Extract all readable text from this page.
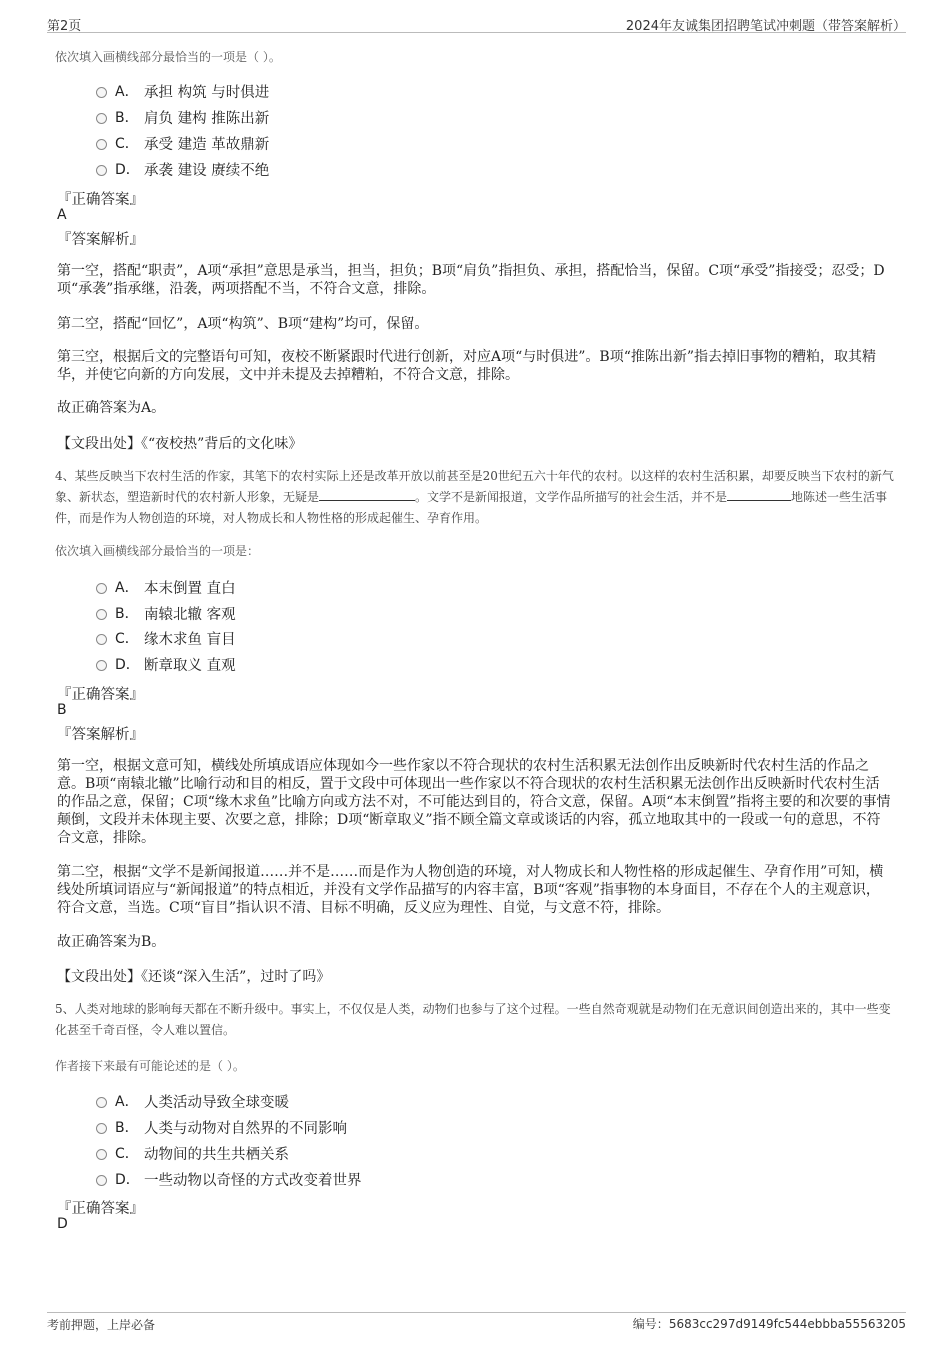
第2页	2024年友诚集团招聘笔试冲刺题（带答案解析）
依次填入画横线部分最恰当的一项是（ ）。
A． 承担 构筑 与时俱进
B． 肩负 建构 推陈出新
C． 承受 建造 革故鼎新
D． 承袭 建设 赓续不绝
『正确答案』
A
『答案解析』
第一空，搭配“职责”，A项“承担”意思是承当，担当，担负；B项“肩负”指担负、承担，搭配恰当，保留。C项“承受”指接受；忍受；D项“承袭”指承继，沿袭，两项搭配不当，不符合文意，排除。
第二空，搭配“回忆”，A项“构筑”、B项“建构”均可，保留。
第三空，根据后文的完整语句可知，夜校不断紧跟时代进行创新，对应A项“与时俱进”。B项“推陈出新”指去掉旧事物的糟粕，取其精华，并使它向新的方向发展，文中并未提及去掉糟粕，不符合文意，排除。
故正确答案为A。
【文段出处】《“夜校热”背后的文化味》
4、某些反映当下农村生活的作家，其笔下的农村实际上还是改革开放以前甚至是20世纪五六十年代的农村。以这样的农村生活积累，却要反映当下农村的新气象、新状态，塑造新时代的农村新人形象，无疑是	。文学不是新闻报道，文学作品所描写的社会生活，并不是	地陈述一些生活事件，而是作为人物创造的环境，对人物成长和人物性格的形成起催生、孕育作用。
依次填入画横线部分最恰当的一项是：
A． 本末倒置 直白
B． 南辕北辙 客观
C． 缘木求鱼 盲目
D． 断章取义 直观
『正确答案』
B
『答案解析』
第一空，根据文意可知，横线处所填成语应体现如今一些作家以不符合现状的农村生活积累无法创作出反映新时代农村生活的作品之意。B项“南辕北辙”比喻行动和目的相反，置于文段中可体现出一些作家以不符合现状的农村生活积累无法创作出反映新时代农村生活的作品之意，保留；C项“缘木求鱼”比喻方向或方法不对，不可能达到目的，符合文意，保留。A项“本末倒置”指将主要的和次要的事情颠倒，文段并未体现主要、次要之意，排除；D项“断章取义”指不顾全篇文章或谈话的内容，孤立地取其中的一段或一句的意思，不符合文意，排除。
第二空，根据“文学不是新闻报道……并不是……而是作为人物创造的环境，对人物成长和人物性格的形成起催生、孕育作用”可知，横线处所填词语应与“新闻报道”的特点相近，并没有文学作品描写的内容丰富，B项“客观”指事物的本身面目，不存在个人的主观意识，符合文意，当选。C项“盲目”指认识不清、目标不明确，反义应为理性、自觉，与文意不符，排除。
故正确答案为B。
【文段出处】《还谈“深入生活”，过时了吗》
5、人类对地球的影响每天都在不断升级中。事实上，不仅仅是人类，动物们也参与了这个过程。一些自然奇观就是动物们在无意识间创造出来的，其中一些变化甚至千奇百怪，令人难以置信。
作者接下来最有可能论述的是（ ）。
A． 人类活动导致全球变暖
B． 人类与动物对自然界的不同影响
C． 动物间的共生共栖关系
D． 一些动物以奇怪的方式改变着世界
『正确答案』
D
考前押题，上岸必备	编号：5683cc297d9149fc544ebbba55563205
